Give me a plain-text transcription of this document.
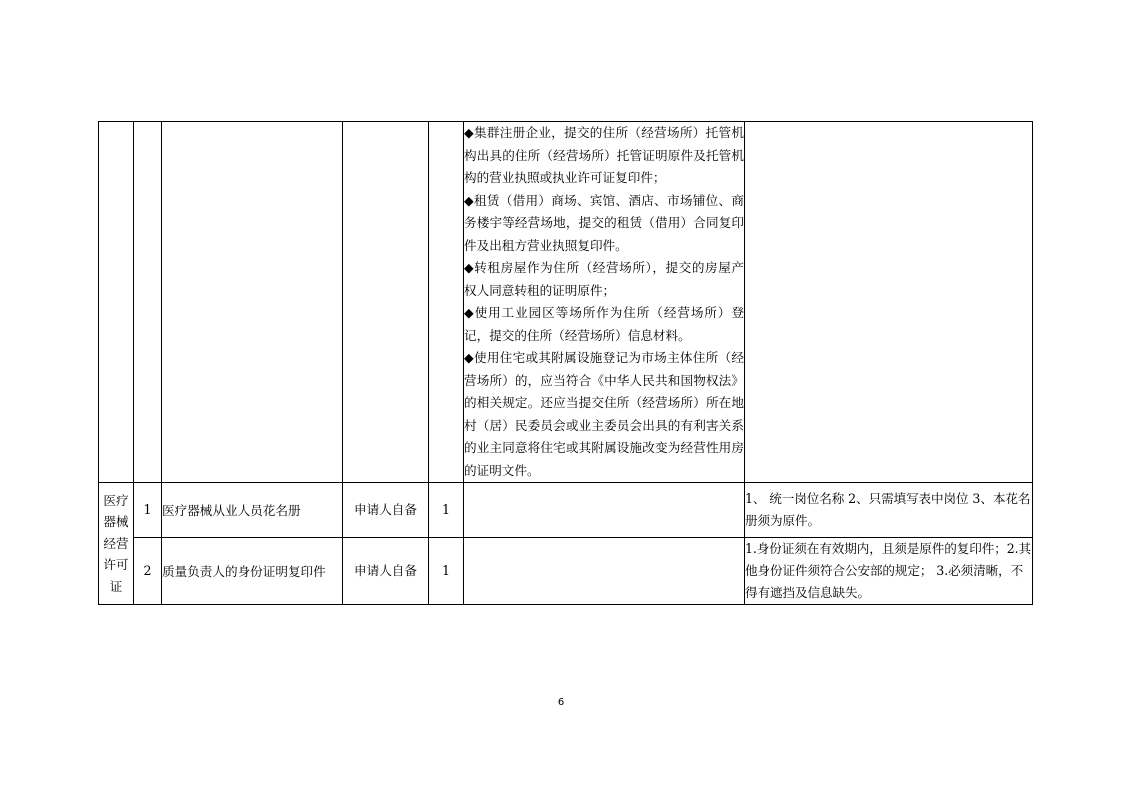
					◆集群注册企业，提交的住所（经营场所）托管机构出具的住所（经营场所）托管证明原件及托管机构的营业执照或执业许可证复印件；
◆租赁（借用）商场、宾馆、酒店、市场铺位、商务楼宇等经营场地，提交的租赁（借用）合同复印件及出租方营业执照复印件。
◆转租房屋作为住所（经营场所），提交的房屋产权人同意转租的证明原件；
◆使用工业园区等场所作为住所（经营场所）登记，提交的住所（经营场所）信息材料。
◆使用住宅或其附属设施登记为市场主体住所（经营场所）的，应当符合《中华人民共和国物权法》的相关规定。还应当提交住所（经营场所）所在地村（居）民委员会或业主委员会出具的有利害关系的业主同意将住宅或其附属设施改变为经营性用房的证明文件。	

医疗器械经营许可证	1	医疗器械从业人员花名册	申请人自备	1		1、 统一岗位名称 2、只需填写表中岗位 3、本花名册须为原件。
	2	质量负责人的身份证明复印件	申请人自备	1		1.身份证须在有效期内，且须是原件的复印件；2.其他身份证件须符合公安部的规定； 3.必须清晰，不得有遮挡及信息缺失。
6
